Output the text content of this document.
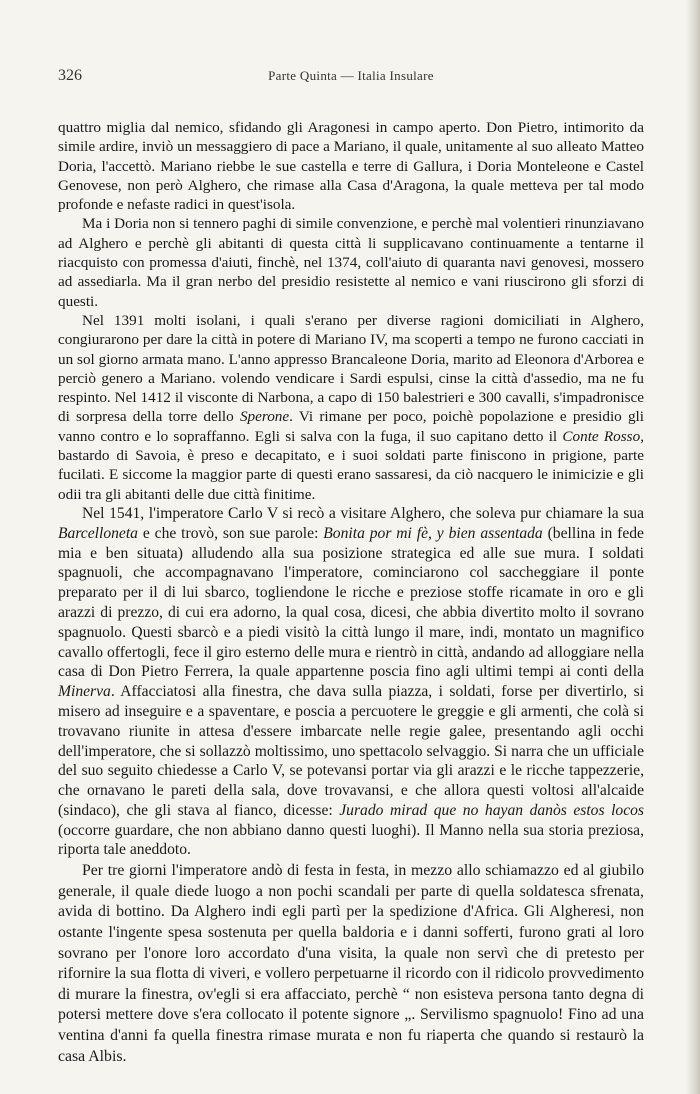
326	Parte Quinta — Italia Insulare

quattro miglia dal nemico, sfidando gli Aragonesi in campo aperto. Don Pietro, intimorito da simile ardire, inviò un messaggiero di pace a Mariano, il quale, unitamente al suo alleato Matteo Doria, l'accettò. Mariano riebbe le sue castella e terre di Gallura, i Doria Monteleone e Castel Genovese, non però Alghero, che rimase alla Casa d'Aragona, la quale metteva per tal modo profonde e nefaste radici in quest'isola.

Ma i Doria non si tennero paghi di simile convenzione, e perchè mal volentieri rinunziavano ad Alghero e perchè gli abitanti di questa città li supplicavano continuamente a tentarne il riacquisto con promessa d'aiuti, finchè, nel 1374, coll'aiuto di quaranta navi genovesi, mossero ad assediarla. Ma il gran nerbo del presidio resistette al nemico e vani riuscirono gli sforzi di questi.

Nel 1391 molti isolani, i quali s'erano per diverse ragioni domiciliati in Alghero, congiurarono per dare la città in potere di Mariano IV, ma scoperti a tempo ne furono cacciati in un sol giorno armata mano. L'anno appresso Brancaleone Doria, marito ad Eleonora d'Arborea e perciò genero a Mariano. volendo vendicare i Sardi espulsi, cinse la città d'assedio, ma ne fu respinto. Nel 1412 il visconte di Narbona, a capo di 150 balestrieri e 300 cavalli, s'impadronisce di sorpresa della torre dello Sperone. Vi rimane per poco, poichè popolazione e presidio gli vanno contro e lo sopraffanno. Egli si salva con la fuga, il suo capitano detto il Conte Rosso, bastardo di Savoia, è preso e decapitato, e i suoi soldati parte finiscono in prigione, parte fucilati. E siccome la maggior parte di questi erano sassaresi, da ciò nacquero le inimicizie e gli odii tra gli abitanti delle due città finitime.

Nel 1541, l'imperatore Carlo V si recò a visitare Alghero, che soleva pur chiamare la sua Barcelloneta e che trovò, son sue parole: Bonita por mi fè, y bien assentada (bellina in fede mia e ben situata) alludendo alla sua posizione strategica ed alle sue mura. I soldati spagnuoli, che accompagnavano l'imperatore, cominciarono col saccheggiare il ponte preparato per il di lui sbarco, togliendone le ricche e preziose stoffe ricamate in oro e gli arazzi di prezzo, di cui era adorno, la qual cosa, dicesi, che abbia divertito molto il sovrano spagnuolo. Questi sbarcò e a piedi visitò la città lungo il mare, indi, montato un magnifico cavallo offertogli, fece il giro esterno delle mura e rientrò in città, andando ad alloggiare nella casa di Don Pietro Ferrera, la quale appartenne poscia fino agli ultimi tempi ai conti della Minerva. Affacciatosi alla finestra, che dava sulla piazza, i soldati, forse per divertirlo, si misero ad inseguire e a spaventare, e poscia a percuotere le greggie e gli armenti, che colà si trovavano riunite in attesa d'essere imbarcate nelle regie galee, presentando agli occhi dell'imperatore, che si sollazzò moltissimo, uno spettacolo selvaggio. Si narra che un ufficiale del suo seguito chiedesse a Carlo V, se potevansi portar via gli arazzi e le ricche tappezzerie, che ornavano le pareti della sala, dove trovavansi, e che allora questi voltosi all'alcaide (sindaco), che gli stava al fianco, dicesse: Jurado mirad que no hayan danòs estos locos (occorre guardare, che non abbiano danno questi luoghi). Il Manno nella sua storia preziosa, riporta tale aneddoto.

Per tre giorni l'imperatore andò di festa in festa, in mezzo allo schiamazzo ed al giubilo generale, il quale diede luogo a non pochi scandali per parte di quella soldatesca sfrenata, avida di bottino. Da Alghero indi egli partì per la spedizione d'Africa. Gli Algheresi, non ostante l'ingente spesa sostenuta per quella baldoria e i danni sofferti, furono grati al loro sovrano per l'onore loro accordato d'una visita, la quale non servì che di pretesto per rifornire la sua flotta di viveri, e vollero perpetuarne il ricordo con il ridicolo provvedimento di murare la finestra, ov'egli si era affacciato, perchè “ non esisteva persona tanto degna di potersi mettere dove s'era collocato il potente signore „. Servilismo spagnuolo! Fino ad una ventina d'anni fa quella finestra rimase murata e non fu riaperta che quando si restaurò la casa Albis.
